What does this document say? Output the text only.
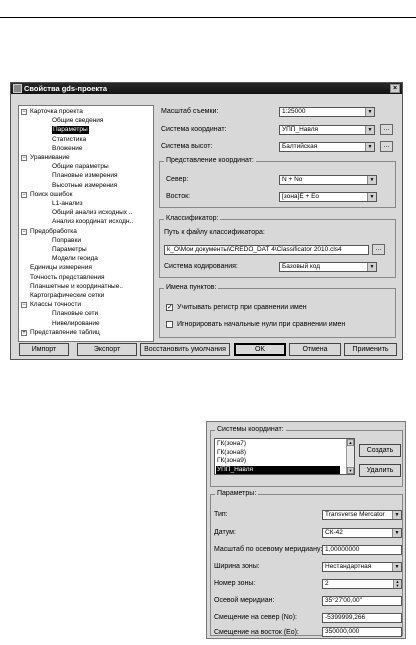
Свойства gds-проекта	×
− Карточка проекта
Общие сведения
Параметры
Статистика
Вложение
− Уравнивание
Общие параметры
Плановые измерения
Высотные измерения
− Поиск ошибок
L1-анализ
Общий анализ исходных ..
Анализ координат исходн..
− Предобработка
Поправки
Параметры
Модели геоида
Единицы измерения
Точность представления
Планшетные и координатные..
Картографические сетки
− Классы точности
Плановые сети
Нивелирование
+ Представление таблиц
Масштаб съемки:	1:25000	▼
Система координат:	УПП_Навля	▼	...
Система высот:	Балтийская	▼	...
Представление координат:
Север:	N + No	▼
Восток:	[зона]E + Eo	▼
Классификатор:
Путь к файлу классификатора:
k_O\Мои документы\CREDO_DAT 4\Classificator 2010.cls4	...
Система кодирования:	Базовый код	▼
Имена пунктов:
✓ Учитывать регистр при сравнении имен
Игнорировать начальные нули при сравнении имен
Импорт	Экспорт	Восстановить умолчания	OK	Отмена	Применить
Системы координат:
▲
▼
ГК(зона7)
ГК(зона8)
ГК(зона9)
УПП_Навля
Создать
Удалить
Параметры:
Тип:	Transverse Mercator	▼
Датум:	СК-42	▼
Масштаб по осевому меридиану: 1,00000000
Ширина зоны:	Нестандартная	▼
Номер зоны:	2	▲
▼
Осевой меридиан:	35°27'00,00"
Смещение на север (No):	-5399999,266
Смещение на восток (Eo):	350000,000
